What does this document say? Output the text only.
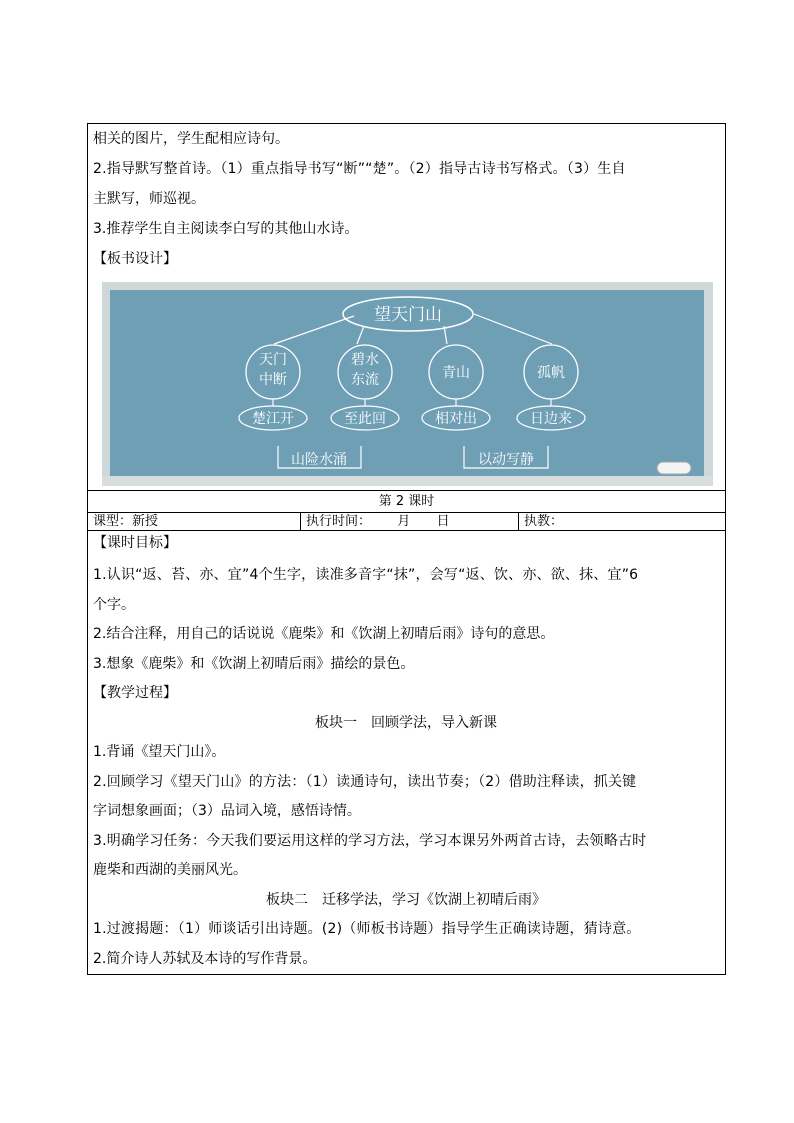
相关的图片，学生配相应诗句。
2.指导默写整首诗。（1）重点指导书写“断”“楚”。（2）指导古诗书写格式。（3）生自
主默写，师巡视。
3.推荐学生自主阅读李白写的其他山水诗。
【板书设计】
望天门山
天门
中断
楚江开
碧水
东流
至此回
青山
相对出
孤帆
日边来
山险水涌	以动写静
第 2 课时
课型：新授	执行时间： 月 日	执教：
【课时目标】
1.认识“返、苔、亦、宜”4个生字，读准多音字“抹”，会写“返、饮、亦、欲、抹、宜”6
个字。
2.结合注释，用自己的话说说《鹿柴》和《饮湖上初晴后雨》诗句的意思。
3.想象《鹿柴》和《饮湖上初晴后雨》描绘的景色。
【教学过程】
板块一　回顾学法，导入新课
1.背诵《望天门山》。
2.回顾学习《望天门山》的方法：（1）读通诗句，读出节奏；（2）借助注释读，抓关键
字词想象画面；（3）品词入境，感悟诗情。
3.明确学习任务：今天我们要运用这样的学习方法，学习本课另外两首古诗，去领略古时
鹿柴和西湖的美丽风光。
板块二　迁移学法，学习《饮湖上初晴后雨》
1.过渡揭题：（1）师谈话引出诗题。(2)（师板书诗题）指导学生正确读诗题，猜诗意。
2.简介诗人苏轼及本诗的写作背景。
